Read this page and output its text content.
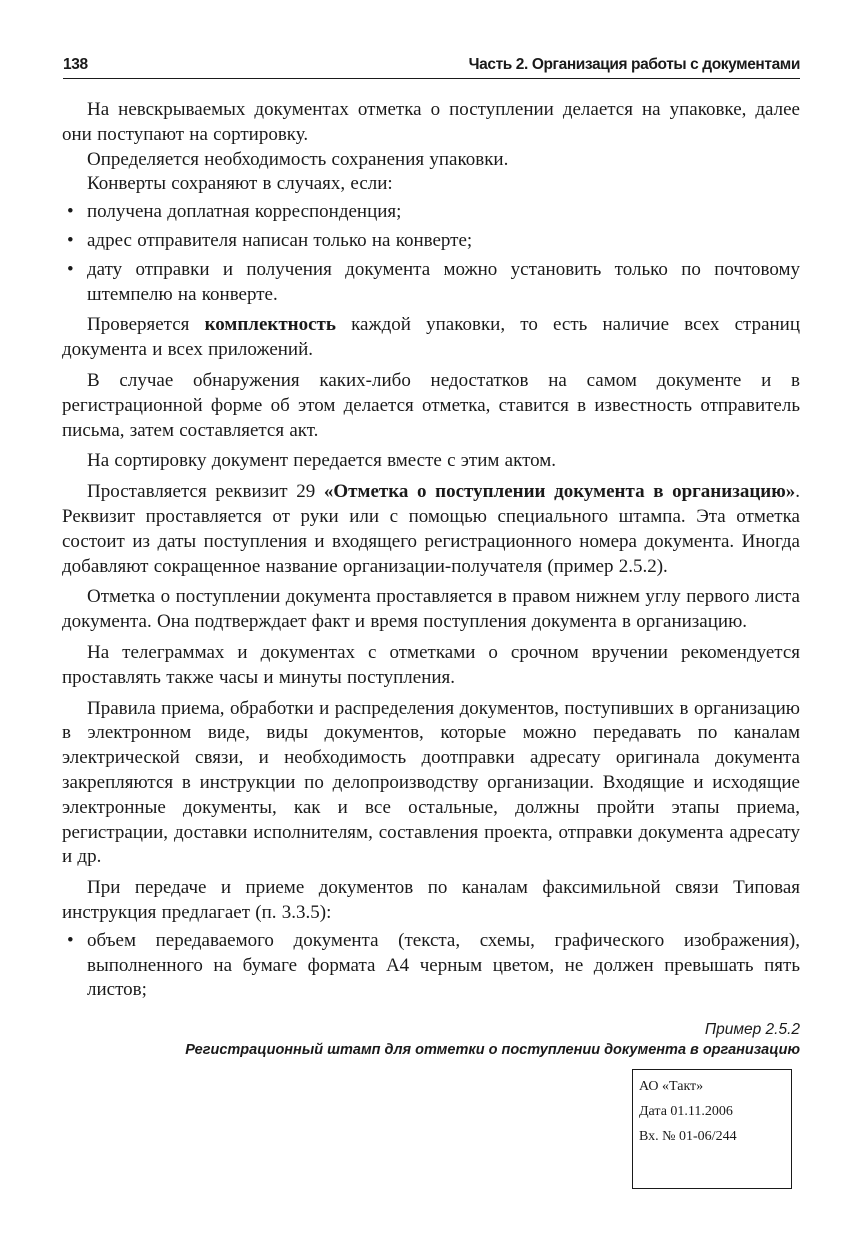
138	Часть 2. Организация работы с документами

На невскрываемых документах отметка о поступлении делается на упаковке, далее они поступают на сортировку.

Определяется необходимость сохранения упаковки.

Конверты сохраняют в случаях, если:

• получена доплатная корреспонденция;
• адрес отправителя написан только на конверте;
• дату отправки и получения документа можно установить только по почтовому штемпелю на конверте.

Проверяется комплектность каждой упаковки, то есть наличие всех страниц документа и всех приложений.

В случае обнаружения каких-либо недостатков на самом документе и в регистрационной форме об этом делается отметка, ставится в известность отправитель письма, затем составляется акт.

На сортировку документ передается вместе с этим актом.

Проставляется реквизит 29 «Отметка о поступлении документа в организацию». Реквизит проставляется от руки или с помощью специального штампа. Эта отметка состоит из даты поступления и входящего регистрационного номера документа. Иногда добавляют сокращенное название организации-получателя (пример 2.5.2).

Отметка о поступлении документа проставляется в правом нижнем углу первого листа документа. Она подтверждает факт и время поступления документа в организацию.

На телеграммах и документах с отметками о срочном вручении рекомендуется проставлять также часы и минуты поступления.

Правила приема, обработки и распределения документов, поступивших в организацию в электронном виде, виды документов, которые можно передавать по каналам электрической связи, и необходимость доотправки адресату оригинала документа закрепляются в инструкции по делопроизводству организации. Входящие и исходящие электронные документы, как и все остальные, должны пройти этапы приема, регистрации, доставки исполнителям, составления проекта, отправки документа адресату и др.

При передаче и приеме документов по каналам факсимильной связи Типовая инструкция предлагает (п. 3.3.5):

• объем передаваемого документа (текста, схемы, графического изображения), выполненного на бумаге формата А4 черным цветом, не должен превышать пять листов;
Пример 2.5.2
Регистрационный штамп для отметки о поступлении документа в организацию
АО «Такт»
Дата 01.11.2006
Вх. № 01-06/244
